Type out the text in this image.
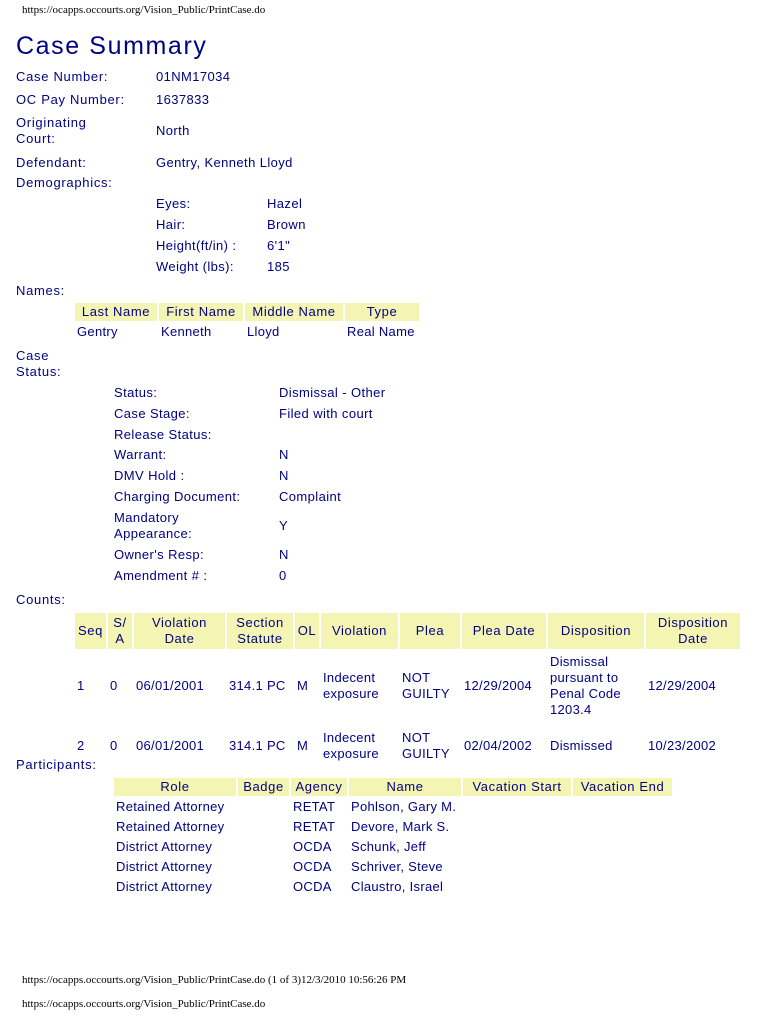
https://ocapps.occourts.org/Vision_Public/PrintCase.do
Case Summary
Case Number:	01NM17034
OC Pay Number: 1637833
Originating
Court:
North
Defendant:	Gentry, Kenneth Lloyd
Demographics:
Eyes:	Hazel
Hair:	Brown
Height(ft/in) : 6'1"
Weight (lbs):	185
Names:
Last Name	First Name	Middle Name	Type
Gentry	Kenneth	Lloyd	Real Name
Case
Status:
Status:	Dismissal - Other
Case Stage:	Filed with court
Release Status:
Warrant:	N
DMV Hold :	N
Charging Document:	Complaint
Mandatory
Appearance:
Y
Owner's Resp:	N
Amendment # :	0
Counts:
Seq	S/ A	Violation Date	Section Statute	OL	Violation	Plea	Plea Date	Disposition	Disposition Date
1	0	06/01/2001	314.1 PC	M	Indecent exposure	NOT GUILTY	12/29/2004	Dismissal pursuant to Penal Code 1203.4	12/29/2004
2	0	06/01/2001	314.1 PC	M	Indecent exposure	NOT GUILTY	02/04/2002	Dismissed	10/23/2002
Participants:
Role	Badge	Agency	Name	Vacation Start	Vacation End
Retained Attorney		RETAT	Pohlson, Gary M.		
Retained Attorney		RETAT	Devore, Mark S.		
District Attorney		OCDA	Schunk, Jeff		
District Attorney		OCDA	Schriver, Steve		
District Attorney		OCDA	Claustro, Israel		
https://ocapps.occourts.org/Vision_Public/PrintCase.do (1 of 3)12/3/2010 10:56:26 PM
https://ocapps.occourts.org/Vision_Public/PrintCase.do
